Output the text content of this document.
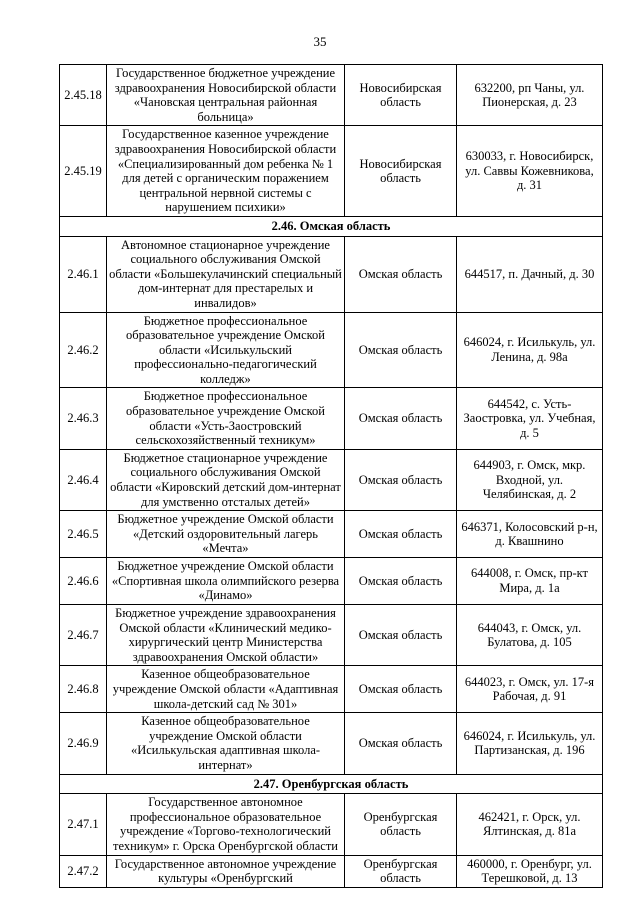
35
2.45.18	Государственное бюджетное учреждение здравоохранения Новосибирской области «Чановская центральная районная больница»	Новосибирская область	632200, рп Чаны, ул. Пионерская, д. 23
2.45.19	Государственное казенное учреждение здравоохранения Новосибирской области «Специализированный дом ребенка № 1 для детей с органическим поражением центральной нервной системы с нарушением психики»	Новосибирская область	630033, г. Новосибирск, ул. Саввы Кожевникова, д. 31
2.46. Омская область			
2.46.1	Автономное стационарное учреждение социального обслуживания Омской области «Большекулачинский специальный дом-интернат для престарелых и инвалидов»	Омская область	644517, п. Дачный, д. 30
2.46.2	Бюджетное профессиональное образовательное учреждение Омской области «Исилькульский профессионально-педагогический колледж»	Омская область	646024, г. Исилькуль, ул. Ленина, д. 98а
2.46.3	Бюджетное профессиональное образовательное учреждение Омской области «Усть-Заостровский сельскохозяйственный техникум»	Омская область	644542, с. Усть-Заостровка, ул. Учебная, д. 5
2.46.4	Бюджетное стационарное учреждение социального обслуживания Омской области «Кировский детский дом-интернат для умственно отсталых детей»	Омская область	644903, г. Омск, мкр. Входной, ул. Челябинская, д. 2
2.46.5	Бюджетное учреждение Омской области «Детский оздоровительный лагерь «Мечта»	Омская область	646371, Колосовский р-н, д. Квашнино
2.46.6	Бюджетное учреждение Омской области «Спортивная школа олимпийского резерва «Динамо»	Омская область	644008, г. Омск, пр-кт Мира, д. 1а
2.46.7	Бюджетное учреждение здравоохранения Омской области «Клинический медико-хирургический центр Министерства здравоохранения Омской области»	Омская область	644043, г. Омск, ул. Булатова, д. 105
2.46.8	Казенное общеобразовательное учреждение Омской области «Адаптивная школа-детский сад № 301»	Омская область	644023, г. Омск, ул. 17-я Рабочая, д. 91
2.46.9	Казенное общеобразовательное учреждение Омской области «Исилькульская адаптивная школа-интернат»	Омская область	646024, г. Исилькуль, ул. Партизанская, д. 196
2.47. Оренбургская область			
2.47.1	Государственное автономное профессиональное образовательное учреждение «Торгово-технологический техникум» г. Орска Оренбургской области	Оренбургская область	462421, г. Орск, ул. Ялтинская, д. 81а
2.47.2	Государственное автономное учреждение культуры «Оренбургский	Оренбургская область	460000, г. Оренбург, ул. Терешковой, д. 13
